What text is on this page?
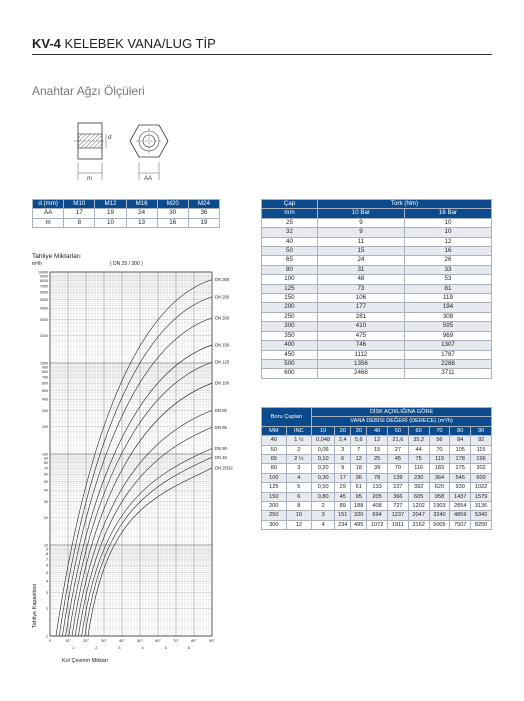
KV-4 KELEBEK VANA/LUG TİP
Anahtar Ağzı Ölçüleri
d
m	AA
d (mm)	M10	M12	M16	M20	M24
AA	17	19	24	30	36
m	8	10	13	16	19
Çap	Tork (Nm)	
mm	10 Bar	16 Bar
25	9	10
32	9	10
40	11	12
50	15	16
65	24	26
80	31	33
100	48	53
125	73	81
150	106	119
200	177	194
250	281	308
300	410	595
350	475	969
400	746	1307
450	1112	1787
500	1356	2288
600	2468	3711
Boru Çapları		DİSK AÇIKLIĞINA GÖRE								
		VANA DEBİSİ DEĞERİ (DERECE) (m³/h)								
MM	İNC	10	20	30	40	50	60	70	80	90
40	1 ½	0,048	2,4	5,6	12	21,6	35,2	56	84	92
50	2	0,06	3	7	15	27	44	70	105	115
65	2 ½	0,10	6	12	25	45	75	119	178	196
80	3	0,20	9	18	39	70	116	183	275	302
100	4	0,30	17	36	78	139	230	364	546	600
125	5	0,50	29	61	133	237	392	620	930	1022
150	6	0,80	45	95	205	366	605	958	1437	1579
200	8	2	89	188	408	727	1202	1903	2854	3136
250	10	3	151	320	694	1237	2047	3240	4859	5340
300	12	4	234	495	1072	1911	3162	5005	7507	8250
Tahliye Miktarları
m³/h	( DN 25 / 300 )
10000
9000
8000
7000
6000
5000
4000
3000
2000
1000
900
800
700
600
500
400
300
200
100
90
80
70
60
50
40
30
20
10
9
8
7
6
5
4
3
2
1
0	10°	20°	30°	40°	50°	60°	70°	80°	90°
1	2	3	4	5	6
DN 300
DN 250
DN 200
DN 150
DN 125
DN 100
DN 80
DN 65
DN 50
DN 40
DN 25/32
Tahliye Kapasitesi
Kol Çevirim Miktarı
